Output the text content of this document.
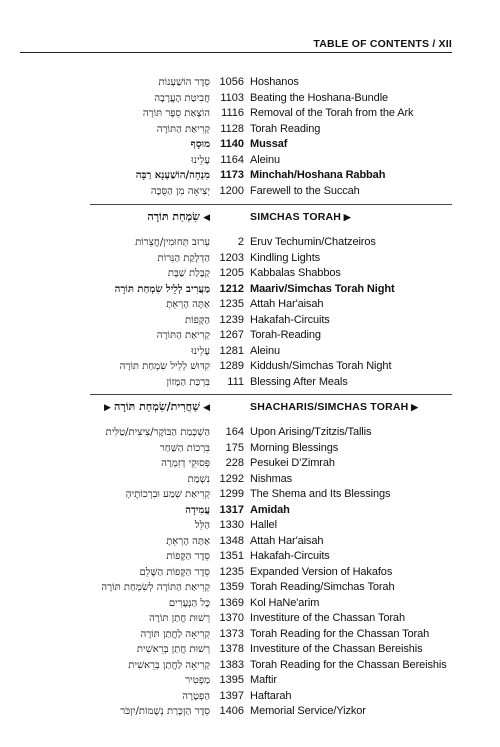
TABLE OF CONTENTS / XII
סֵדֶר הוֹשַׁעְנוֹת 1056 Hoshanos
חֲבִיטַת הָעֲרָבָה 1103 Beating the Hoshana-Bundle
הוֹצָאַת סֵפֶר תּוֹרָה	1116 Removal of the Torah from the Ark
קְרִיאַת הַתּוֹרָה 1128 Torah Reading
מוּסָף 1140 Mussaf
עָלֵינוּ 1164 Aleinu
מִנְחָה/הוֹשַׁעְנָא רַבָּה 1173 Minchah/Hoshana Rabbah
יְצִיאָה מִן הַסֻּכָּה 1200 Farewell to the Succah
◀ שִׂמְחַת תּוֹרָה	SIMCHAS TORAH ▶
עֵרוּב תְּחוּמִין/חֲצֵרוֹת	2 Eruv Techumin/Chatzeiros
הַדְלָקַת הַנֵּרוֹת 1203 Kindling Lights
קַבָּלַת שַׁבָּת 1205 Kabbalas Shabbos
מַעֲרִיב לְלֵיל שִׂמְחַת תּוֹרָה 1212 Maariv/Simchas Torah Night
אַתָּה הָרְאֵתָ 1235 Attah Har'aisah
הַקָּפוֹת 1239 Hakafah-Circuits
קְרִיאַת הַתּוֹרָה 1267 Torah-Reading
עָלֵינוּ 1281 Aleinu
קִדּוּשׁ לְלֵיל שִׂמְחַת תּוֹרָה 1289 Kiddush/Simchas Torah Night
בִּרְכַּת הַמָּזוֹן	111 Blessing After Meals
◀ שַׁחֲרִית/שִׂמְחַת תּוֹרָה ▶	SHACHARIS/SIMCHAS TORAH ▶
הַשְׁכָּמַת הַבּוֹקֶר/צִיצִית/טַלִּית	164 Upon Arising/Tzitzis/Tallis
בִּרְכוֹת הַשַּׁחַר	175 Morning Blessings
פְּסוּקֵי דְזִמְרָה	228 Pesukei D'Zimrah
נִשְׁמַת 1292 Nishmas
קְרִיאַת שְׁמַע וּבִרְכוֹתֶיהָ 1299 The Shema and Its Blessings
עֲמִידָה 1317 Amidah
הַלֵּל 1330 Hallel
אַתָּה הָרְאֵתָ 1348 Attah Har'aisah
סֵדֶר הַקָּפוֹת 1351 Hakafah-Circuits
סֵדֶר הַקָּפוֹת הַשָּׁלֵם 1235 Expanded Version of Hakafos
קְרִיאַת הַתּוֹרָה לְשִׂמְחַת תּוֹרָה 1359 Torah Reading/Simchas Torah
כָּל הַנְּעָרִים 1369 Kol HaNe'arim
רְשׁוּת חֲתַן תּוֹרָה 1370 Investiture of the Chassan Torah
קְרִיאָה לַחֲתַן תּוֹרָה 1373 Torah Reading for the Chassan Torah
רְשׁוּת חֲתַן בְּרֵאשִׁית 1378 Investiture of the Chassan Bereishis
קְרִיאָה לַחֲתַן בְּרֵאשִׁית 1383 Torah Reading for the Chassan Bereishis
מַפְטִיר 1395 Maftir
הַפְטָרָה 1397 Haftarah
סֵדֶר הַזְכָּרַת נְשָׁמוֹת/יִזְכֹּר 1406 Memorial Service/Yizkor
